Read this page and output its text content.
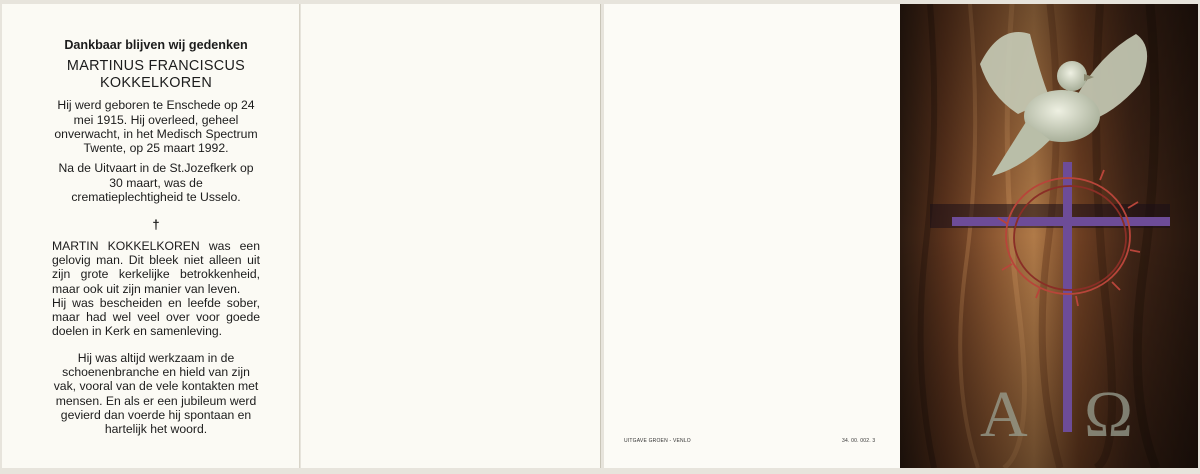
Dankbaar blijven wij gedenken

MARTINUS FRANCISCUS

KOKKELKOREN

Hij werd geboren te Enschede op 24 mei 1915. Hij overleed, geheel onverwacht, in het Medisch Spectrum Twente, op 25 maart 1992.

Na de Uitvaart in de St.Jozefkerk op 30 maart, was de crematieplechtigheid te Usselo.

†

MARTIN KOKKELKOREN was een gelovig man. Dit bleek niet alleen uit zijn grote kerkelijke betrokkenheid, maar ook uit zijn manier van leven.

Hij was bescheiden en leefde sober, maar had wel veel over voor goede doelen in Kerk en samenleving.

Hij was altijd werkzaam in de schoenenbranche en hield van zijn vak, vooral van de vele kontakten met mensen. En als er een jubileum werd gevierd dan voerde hij spontaan en hartelijk het woord.

UITGAVE GROEN - VENLO	34. 00. 002. 3 A Ω
